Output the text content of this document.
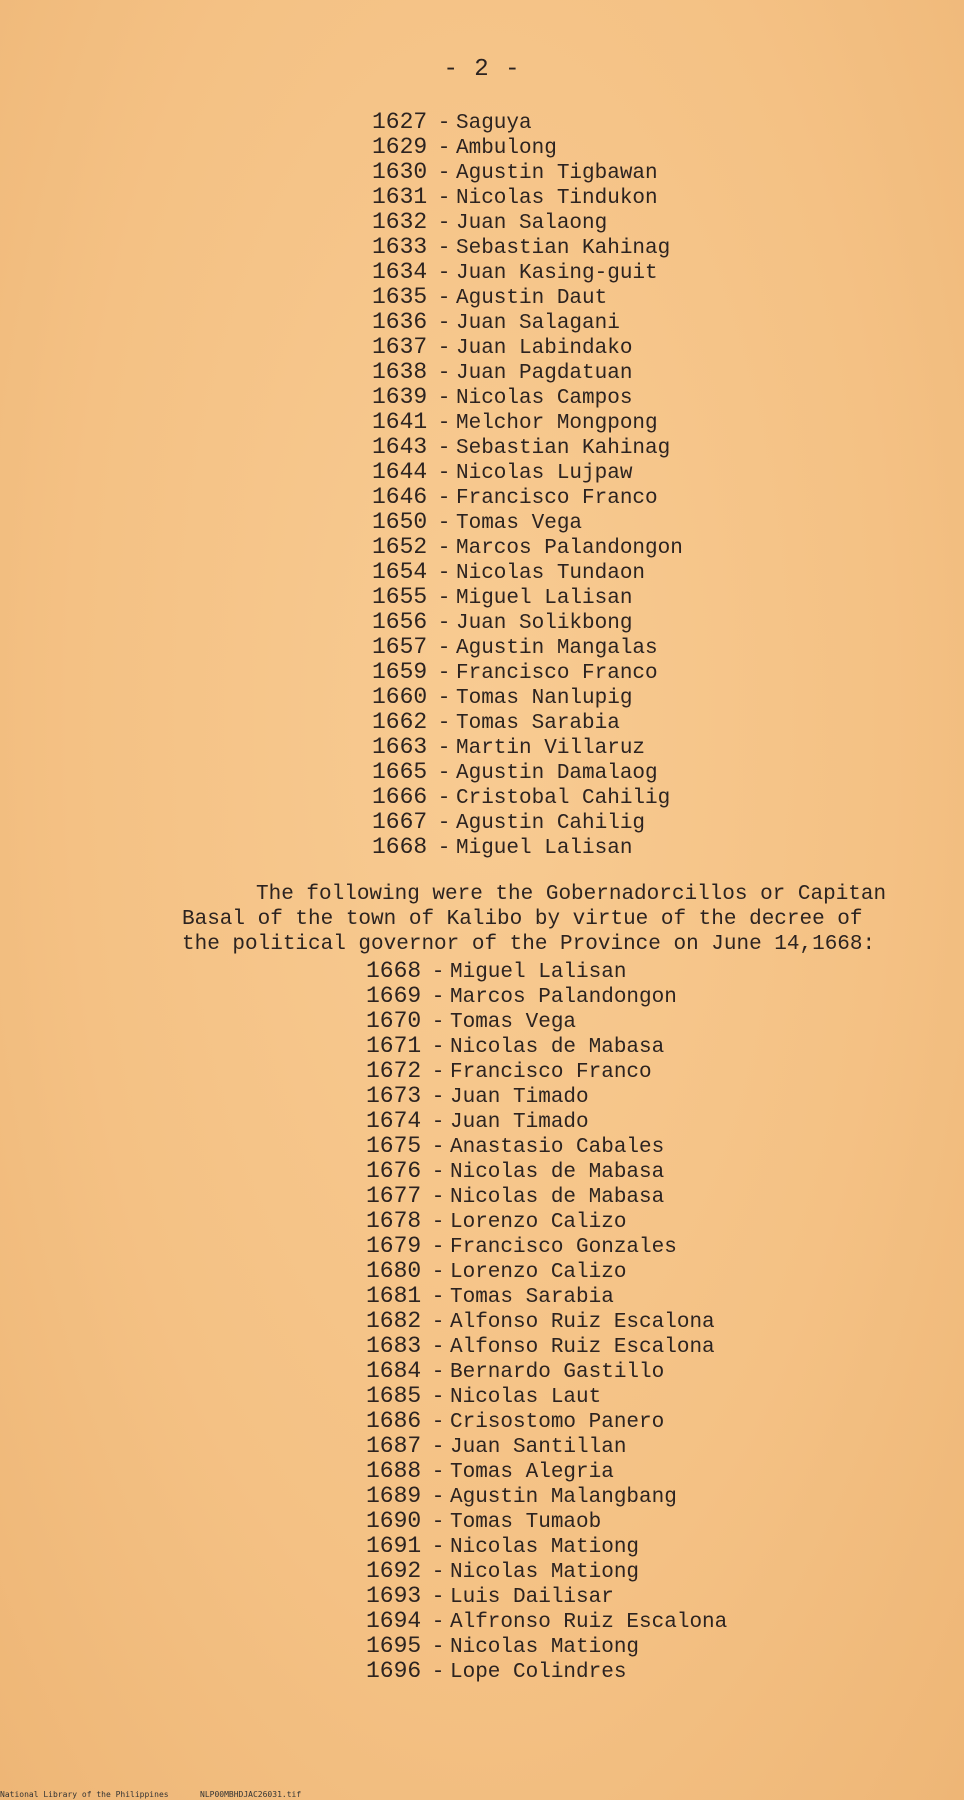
- 2 -
1627 - Saguya
1629 - Ambulong
1630 - Agustin Tigbawan
1631 - Nicolas Tindukon
1632 - Juan Salaong
1633 - Sebastian Kahinag
1634 - Juan Kasing-guit
1635 - Agustin Daut
1636 - Juan Salagani
1637 - Juan Labindako
1638 - Juan Pagdatuan
1639 - Nicolas Campos
1641 - Melchor Mongpong
1643 - Sebastian Kahinag
1644 - Nicolas Lujpaw
1646 - Francisco Franco
1650 - Tomas Vega
1652 - Marcos Palandongon
1654 - Nicolas Tundaon
1655 - Miguel Lalisan
1656 - Juan Solikbong
1657 - Agustin Mangalas
1659 - Francisco Franco
1660 - Tomas Nanlupig
1662 - Tomas Sarabia
1663 - Martin Villaruz
1665 - Agustin Damalaog
1666 - Cristobal Cahilig
1667 - Agustin Cahilig
1668 - Miguel Lalisan

The following were the Gobernadorcillos or Capitan
Basal of the town of Kalibo by virtue of the decree of
the political governor of the Province on June 14,1668:

1668 - Miguel Lalisan
1669 - Marcos Palandongon
1670 - Tomas Vega
1671 - Nicolas de Mabasa
1672 - Francisco Franco
1673 - Juan Timado
1674 - Juan Timado
1675 - Anastasio Cabales
1676 - Nicolas de Mabasa
1677 - Nicolas de Mabasa
1678 - Lorenzo Calizo
1679 - Francisco Gonzales
1680 - Lorenzo Calizo
1681 - Tomas Sarabia
1682 - Alfonso Ruiz Escalona
1683 - Alfonso Ruiz Escalona
1684 - Bernardo Gastillo
1685 - Nicolas Laut
1686 - Crisostomo Panero
1687 - Juan Santillan
1688 - Tomas Alegria
1689 - Agustin Malangbang
1690 - Tomas Tumaob
1691 - Nicolas Mationg
1692 - Nicolas Mationg
1693 - Luis Dailisar
1694 - Alfronso Ruiz Escalona
1695 - Nicolas Mationg
1696 - Lope Colindres
National Library of the Philippines	NLP00MBHDJAC26031.tif
